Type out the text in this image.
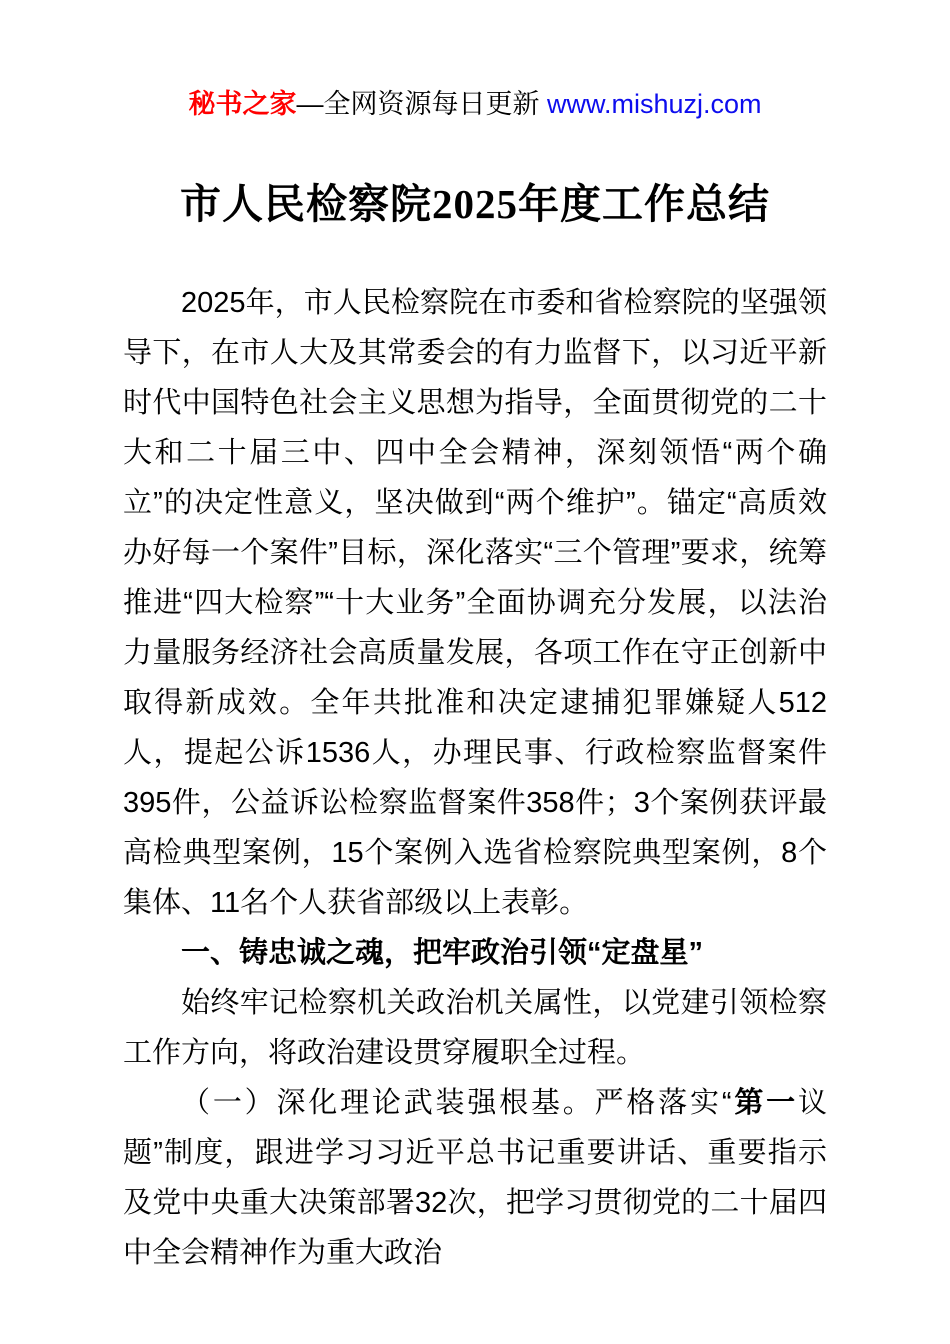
秘书之家—全网资源每日更新 www.mishuzj.com
市人民检察院2025年度工作总结

2025年，市人民检察院在市委和省检察院的坚强领导下，在市人大及其常委会的有力监督下，以习近平新时代中国特色社会主义思想为指导，全面贯彻党的二十大和二十届三中、四中全会精神，深刻领悟“两个确立”的决定性意义，坚决做到“两个维护”。锚定“高质效办好每一个案件”目标，深化落实“三个管理”要求，统筹推进“四大检察”“十大业务”全面协调充分发展，以法治力量服务经济社会高质量发展，各项工作在守正创新中取得新成效。全年共批准和决定逮捕犯罪嫌疑人512人，提起公诉1536人，办理民事、行政检察监督案件395件，公益诉讼检察监督案件358件；3个案例获评最高检典型案例，15个案例入选省检察院典型案例，8个集体、11名个人获省部级以上表彰。

一、铸忠诚之魂，把牢政治引领“定盘星”

始终牢记检察机关政治机关属性，以党建引领检察工作方向，将政治建设贯穿履职全过程。

（一）深化理论武装强根基。严格落实“第一议题”制度，跟进学习习近平总书记重要讲话、重要指示及党中央重大决策部署32次，把学习贯彻党的二十届四中全会精神作为重大政治
